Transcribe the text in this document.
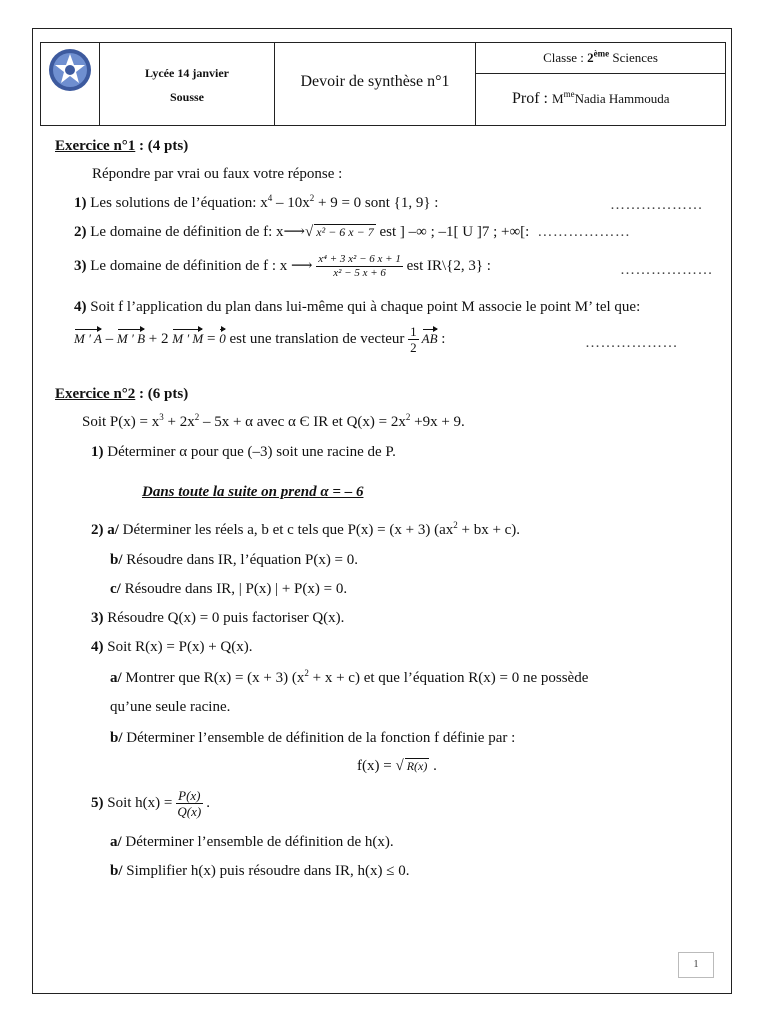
Lycée 14 janvier
Sousse
Devoir de synthèse n°1
Classe : 2ème Sciences
Prof : $M^{me}Nadia$ Hammouda
Exercice n°1 : (4 pts)
Répondre par vrai ou faux votre réponse :
1) Les solutions de l’équation: $x^4 - 10x^2 + 9 = 0$ sont {1, 9} :	………………
2) Le domaine de définition de f: x⟶√ x² − 6 x − 7 est ] –∞ ; –1[ U ]7 ; +∞[: ………………
3) Le domaine de définition de f : x ⟶ $\frac{\text{x⁴ + 3 x² − 6 x + 1}}{\text{x² − 5 x + 6}}$ est IR\{2, 3} :	………………
4) Soit f l’application du plan dans lui-même qui à chaque point M associe le point M’ tel que:
M ′ A – M ′ B + 2 M ′ M = 0 est une translation de vecteur $\frac{1}{2}$ AB :	………………
Exercice n°2 : (6 pts)
Soit $P(x) = x^3 + 2x^2 - 5x + \alpha$ avec α Є IR et $Q(x) = 2x^2 +9x + 9$.
1) Déterminer α pour que (–3) soit une racine de P.
Dans toute la suite on prend α = – 6
2) a/ Déterminer les réels a, b et c tels que P(x) = (x + 3) ($ax^2$ + bx + c).
b/ Résoudre dans IR, l’équation P(x) = 0.
c/ Résoudre dans IR, | P(x) | + P(x) = 0.
3) Résoudre Q(x) = 0 puis factoriser Q(x).
4) Soit R(x) = P(x) + Q(x).
a/ Montrer que R(x) = (x + 3) $(x^2 + x + c)$ et que l’équation R(x) = 0 ne possède
qu’une seule racine.
b/ Déterminer l’ensemble de définition de la fonction f définie par :
f(x) = √ R(x) .
5) Soit $h(x) = \frac{P(x)}{Q(x)}$ .
a/ Déterminer l’ensemble de définition de h(x).
b/ Simplifier h(x) puis résoudre dans IR, h(x) ≤ 0.
1
